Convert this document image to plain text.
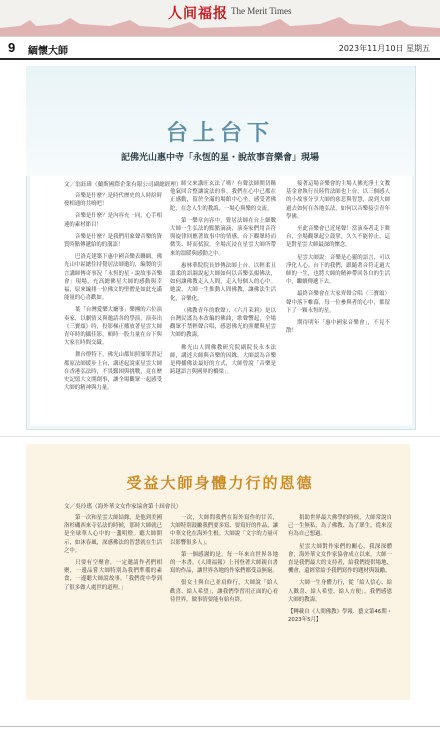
人间福报 The Merit Times
9 緬懷大師	2023年11月10日 星期五
台上台下
記佛光山惠中寺「永恆的星・說故事音樂會」現場
文／翁鈺瑋（蘭斯國際企業有限公司副總經理）

音樂是什麼？是時代歷史的人時紛時發相通的共鳴吧！

音樂是什麼？是內容充一同，心手相連的素材節目！

音樂是什麼？是我們用象聲音樂的資質時點傳遞給的的溝語！

巴洛克建築下惠中國音樂表聯網，佛光山中區總住持覺居法師邀約，編製的引言講師傳奇事況「永恆的星・說故事音樂會」現場，充高總佛星大師的感動與幸福，原來編排一位佛文的聖僧是如此充滿能量的心喜歡如。

葉「台灣愛樂大廳事」樂團的六位演奏家，以劇情又與邀請各的學演，演奏出《三寶頌》時，投影梯正播放著星雲大師青年時的攝佳影，頓時一股力量在台下與大家在時間交織。

舞台燈特下，佛光山都知照頒單書記都原法師緩步上台，講述起說東星雲大師在香港弘法時，不畏艱困與挑戰，竟在歷史記憶大文開創事，讓全場觀眾一起感受大師的精神與力量。

師父來講旺玄法了嗎？有聲法師開切稱他氣回合整讓說法的事。我們在心中已都在正感動，留於全滿的場館中心坐，感受著佛陀，在念人生的教誨，一場心與樂的交流。

第一樂章內容中，覺居法師在台上細數大師一生弘法的點點滴滴，演奏家們用音符與旋律回應著故事中的情感，台下觀眾時而微笑、時而拭淚，全場沉浸在星雲大師所帶來的溫暖與感動之中。

惠林華院院長妙傳法師上台，以輕柔且溫柔的語調說起大師如何以音樂弘揚佛法，如何讓佛教走入人間，走入每個人的心中。她說，大師一生推動人間佛教，讓佛法生活化，音樂化。

（佛教青年的歌聲）、《六月茉莉》是以台灣民謠為本改編的佛曲，歌聲響起，全場觀眾不禁輕聲合唱，感恩佛光的照耀與星雲大師的教誨。

佛光山人間佛教研究院副院長永本法師，講述大師與音樂的因緣，大師認為音樂是傳播佛法最好的方式，大師曾說「音樂是跨越語言與國界的橋梁」。

接著這場音樂會的主場人佛光淨土文教基金會執行長陸哲法師也上台，以三個感人的小故事分享大師的慈悲與智慧，說到大師過去如何在各地弘法，如何以音樂接引青年學佛。

至此音樂會已近尾聲！當演奏者走下舞台，全場觀眾起立鼓掌，久久不能停止，這是對星雲大師最深的懷念。

星雲大師說：音樂是心靈的語言，可以淨化人心。台下的我們，跟隨著音符走過大師的一生，也將大師的精神帶回各自的生活中，繼續傳遞下去。

最終音樂會在大家齊聲合唱〈三寶頌〉聲中落下帷幕，每一位參與者的心中，都留下了一顆永恆的星。

期待明年「惠中國家音樂會」，不見不散！

受益大師身體力行的恩德
文／吳玲瑤（海外華文女作家協會第十屆會長）

第一次和星雲大師結緣，是他到美國洛杉磯西來寺弘法的時候，那時大師就已是全球華人心中的一盞明燈。聽大師開示，如沐春風，深感佛法的智慧就在生活之中。

只要有空聚會，一定邀請作者們相聚，一邊品嘗大師特別為我們準備的素食，一邊聽大師說故事。「我們從中學到了很多做人處世的道理。」

一次，大師問我們在海外寫作的甘苦，大師特別鼓勵我們要多寫、要寫好的作品，讓中華文化在海外生根。大師說「文字的力量可以影響很多人」。

第一個感謝的是，每一年來自世界各地的一本書，《人間福報》上刊登著大師親自書寫的作品，讓世界各地的作家們都受益無窮。

張女士與自己並肩修行，大師說「給人歡喜、給人希望」，讓我們學習用正面的心看待世界，做事情要能有始有終。

捐助世界最大佛學的時候，大師常說自己一生無私，為了佛教、為了眾生，從來沒有為自己想過。

星雲大師對作家們的關心，我深深體會，海外華文女作家協會成立以來，大師一直是我們最大的支持者，給我們提供場地、機會，還經常給予我們寫作的題材與鼓勵。

大師一生身體力行，從「給人信心、給人歡喜、給人希望、給人方便」，我們感恩大師的教誨。

【轉載自《人間佛教》學報．藝文第46期・2023年5月】
